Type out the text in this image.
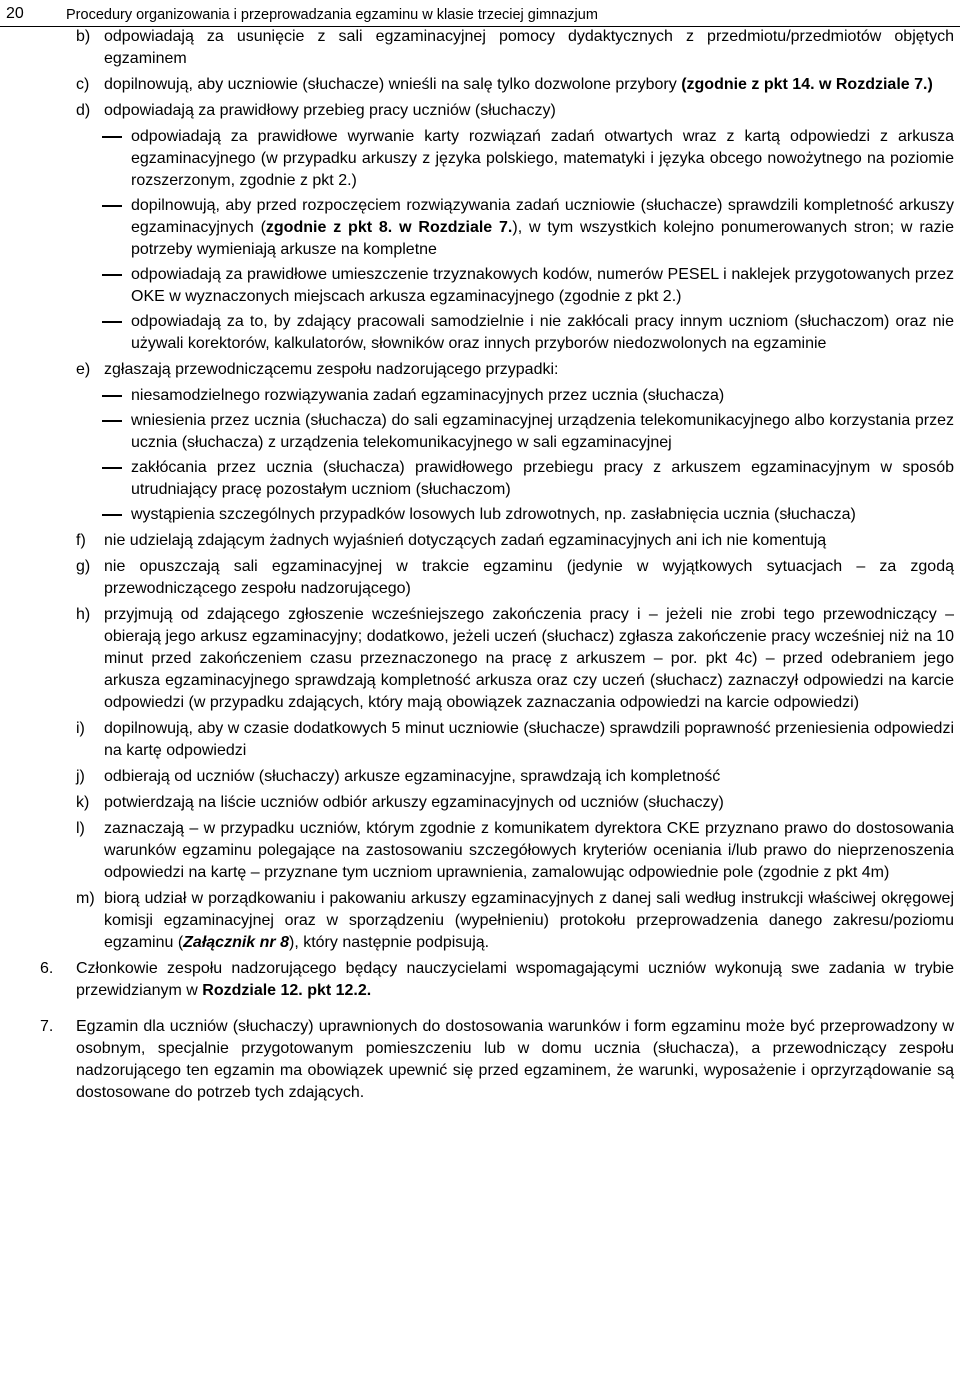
20	Procedury organizowania i przeprowadzania egzaminu w klasie trzeciej gimnazjum
b) odpowiadają za usunięcie z sali egzaminacyjnej pomocy dydaktycznych z przedmiotu/przedmiotów objętych egzaminem
c) dopilnowują, aby uczniowie (słuchacze) wnieśli na salę tylko dozwolone przybory (zgodnie z pkt 14. w Rozdziale 7.)
d) odpowiadają za prawidłowy przebieg pracy uczniów (słuchaczy)
odpowiadają za prawidłowe wyrwanie karty rozwiązań zadań otwartych wraz z kartą odpowiedzi z arkusza egzaminacyjnego (w przypadku arkuszy z języka polskiego, matematyki i języka obcego nowożytnego na poziomie rozszerzonym, zgodnie z pkt 2.)
dopilnowują, aby przed rozpoczęciem rozwiązywania zadań uczniowie (słuchacze) sprawdzili kompletność arkuszy egzaminacyjnych (zgodnie z pkt 8. w Rozdziale 7.), w tym wszystkich kolejno ponumerowanych stron; w razie potrzeby wymieniają arkusze na kompletne
odpowiadają za prawidłowe umieszczenie trzyznakowych kodów, numerów PESEL i naklejek przygotowanych przez OKE w wyznaczonych miejscach arkusza egzaminacyjnego (zgodnie z pkt 2.)
odpowiadają za to, by zdający pracowali samodzielnie i nie zakłócali pracy innym uczniom (słuchaczom) oraz nie używali korektorów, kalkulatorów, słowników oraz innych przyborów niedozwolonych na egzaminie
e) zgłaszają przewodniczącemu zespołu nadzorującego przypadki:
niesamodzielnego rozwiązywania zadań egzaminacyjnych przez ucznia (słuchacza)
wniesienia przez ucznia (słuchacza) do sali egzaminacyjnej urządzenia telekomunikacyjnego albo korzystania przez ucznia (słuchacza) z urządzenia telekomunikacyjnego w sali egzaminacyjnej
zakłócania przez ucznia (słuchacza) prawidłowego przebiegu pracy z arkuszem egzaminacyjnym w sposób utrudniający pracę pozostałym uczniom (słuchaczom)
wystąpienia szczególnych przypadków losowych lub zdrowotnych, np. zasłabnięcia ucznia (słuchacza)
f) nie udzielają zdającym żadnych wyjaśnień dotyczących zadań egzaminacyjnych ani ich nie komentują
g) nie opuszczają sali egzaminacyjnej w trakcie egzaminu (jedynie w wyjątkowych sytuacjach – za zgodą przewodniczącego zespołu nadzorującego)
h) przyjmują od zdającego zgłoszenie wcześniejszego zakończenia pracy i – jeżeli nie zrobi tego przewodniczący – obierają jego arkusz egzaminacyjny; dodatkowo, jeżeli uczeń (słuchacz) zgłasza zakończenie pracy wcześniej niż na 10 minut przed zakończeniem czasu przeznaczonego na pracę z arkuszem – por. pkt 4c) – przed odebraniem jego arkusza egzaminacyjnego sprawdzają kompletność arkusza oraz czy uczeń (słuchacz) zaznaczył odpowiedzi na karcie odpowiedzi (w przypadku zdających, który mają obowiązek zaznaczania odpowiedzi na karcie odpowiedzi)
i) dopilnowują, aby w czasie dodatkowych 5 minut uczniowie (słuchacze) sprawdzili poprawność przeniesienia odpowiedzi na kartę odpowiedzi
j) odbierają od uczniów (słuchaczy) arkusze egzaminacyjne, sprawdzają ich kompletność
k) potwierdzają na liście uczniów odbiór arkuszy egzaminacyjnych od uczniów (słuchaczy)
l) zaznaczają – w przypadku uczniów, którym zgodnie z komunikatem dyrektora CKE przyznano prawo do dostosowania warunków egzaminu polegające na zastosowaniu szczegółowych kryteriów oceniania i/lub prawo do nieprzenoszenia odpowiedzi na kartę – przyznane tym uczniom uprawnienia, zamalowując odpowiednie pole (zgodnie z pkt 4m)
m) biorą udział w porządkowaniu i pakowaniu arkuszy egzaminacyjnych z danej sali według instrukcji właściwej okręgowej komisji egzaminacyjnej oraz w sporządzeniu (wypełnieniu) protokołu przeprowadzenia danego zakresu/poziomu egzaminu (Załącznik nr 8), który następnie podpisują.
6. Członkowie zespołu nadzorującego będący nauczycielami wspomagającymi uczniów wykonują swe zadania w trybie przewidzianym w Rozdziale 12. pkt 12.2.
7. Egzamin dla uczniów (słuchaczy) uprawnionych do dostosowania warunków i form egzaminu może być przeprowadzony w osobnym, specjalnie przygotowanym pomieszczeniu lub w domu ucznia (słuchacza), a przewodniczący zespołu nadzorującego ten egzamin ma obowiązek upewnić się przed egzaminem, że warunki, wyposażenie i oprzyrządowanie są dostosowane do potrzeb tych zdających.
